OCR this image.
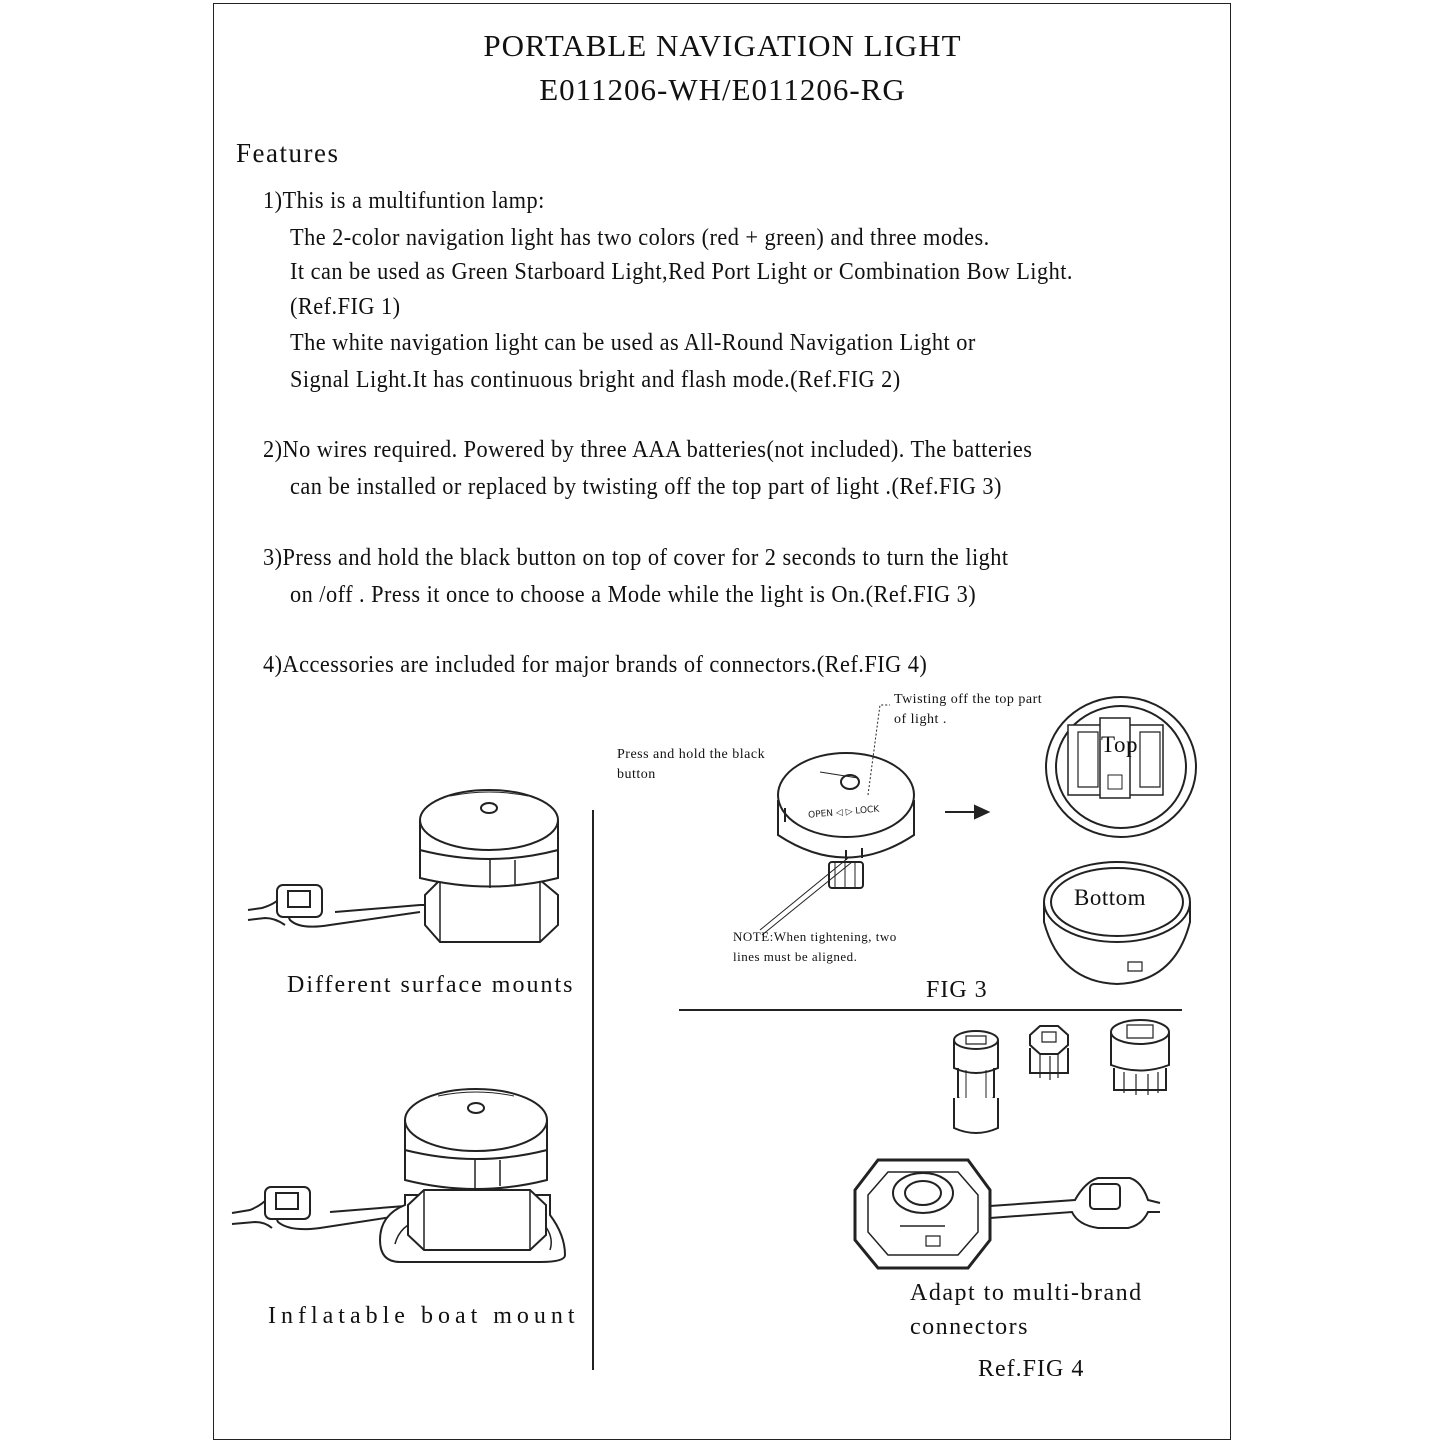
PORTABLE NAVIGATION LIGHT
E011206-WH/E011206-RG
Features
1)This is a multifuntion lamp:
The 2-color navigation light has two colors (red + green) and three modes.
It can be used as Green Starboard Light,Red Port Light or Combination Bow Light.
(Ref.FIG 1)
The white navigation light can be used as All-Round Navigation Light or
Signal Light.It has continuous bright and flash mode.(Ref.FIG 2)
2)No wires required. Powered by three AAA batteries(not included). The batteries
can be installed or replaced by twisting off the top part of light .(Ref.FIG 3)
3)Press and hold the black button on top of cover for 2 seconds to turn the light
on /off . Press it once to choose a Mode while the light is On.(Ref.FIG 3)
4)Accessories are included for major brands of connectors.(Ref.FIG 4)
Different surface mounts
Inflatable boat mount
OPEN ◁ ▷ LOCK
Top
Bottom
Twisting off the top part
of light .
Press and hold the black
button
NOTE:When tightening, two
lines must be aligned.
FIG 3
Adapt to multi-brand
connectors
Ref.FIG 4
